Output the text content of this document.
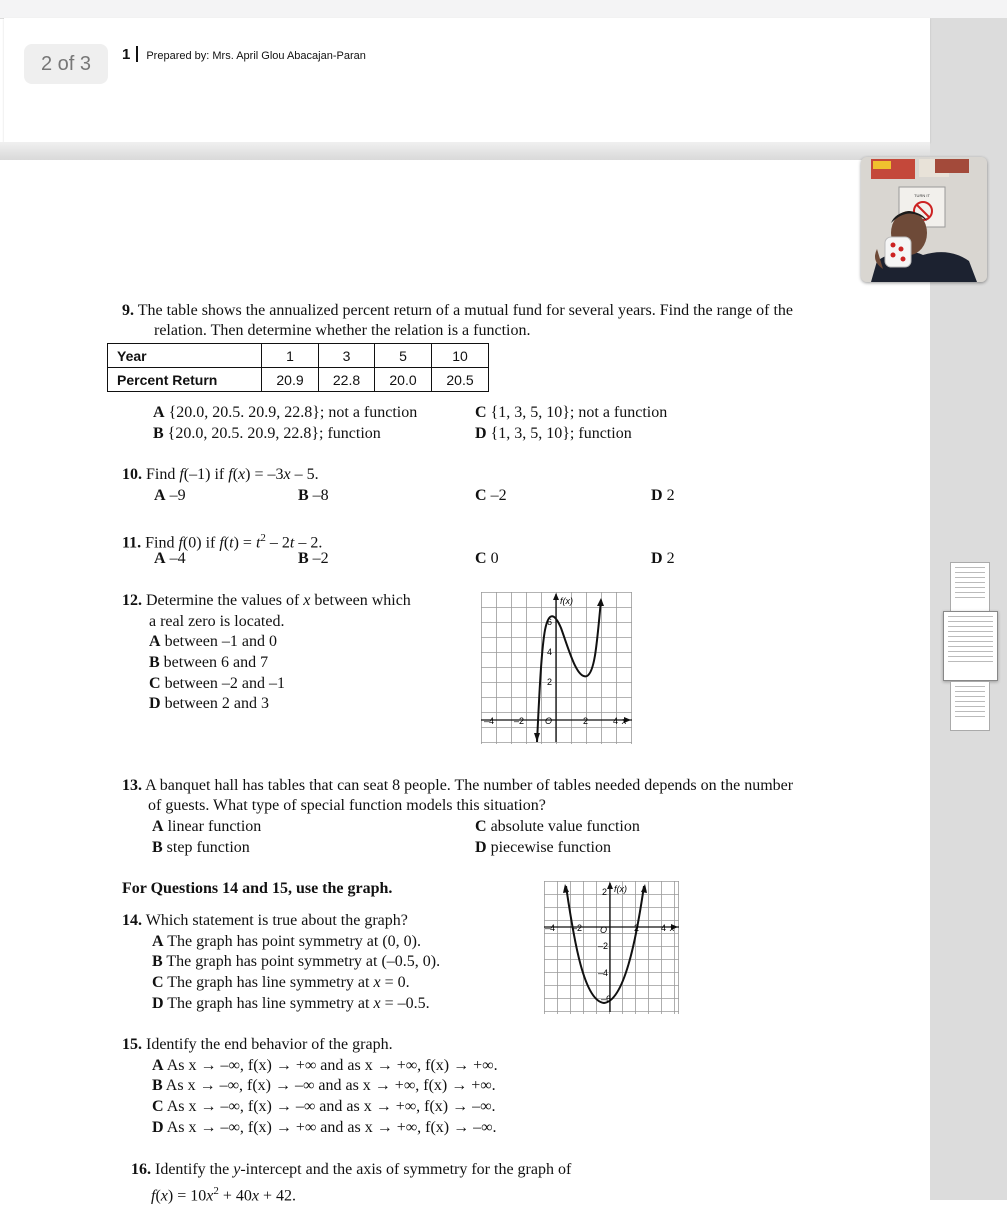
2 of 3	1 Prepared by: Mrs. April Glou Abacajan-Paran
TURN IT
9. The table shows the annualized percent return of a mutual fund for several years. Find the range of the
relation. Then determine whether the relation is a function.
Year	1	3	5	10
Percent Return	20.9	22.8	20.0	20.5
A {20.0, 20.5. 20.9, 22.8}; not a function
B {20.0, 20.5. 20.9, 22.8}; function
C {1, 3, 5, 10}; not a function
D {1, 3, 5, 10}; function
10. Find f(–1) if f(x) = –3x – 5.
A –9	B –8	C –2	D 2
11. Find f(0) if $f(t) = t^2 - 2t - 2$.
A –4	B –2	C 0	D 2
12. Determine the values of x between which
a real zero is located.
A between –1 and 0
B between 6 and 7
C between –2 and –1
D between 2 and 3
f(x)
6
4
2
–4 –2 O	2	4 x
13. A banquet hall has tables that can seat 8 people. The number of tables needed depends on the number
of guests. What type of special function models this situation?
A linear function
B step function
C absolute value function
D piecewise function
For Questions 14 and 15, use the graph.
14. Which statement is true about the graph?
A The graph has point symmetry at (0, 0).
B The graph has point symmetry at (–0.5, 0).
C The graph has line symmetry at x = 0.
D The graph has line symmetry at x = –0.5.
f(x)
2
–2
–4
–6
–4 –2 O	2 4 x
15. Identify the end behavior of the graph.
A As x → –∞, f(x) → +∞ and as x → +∞, f(x) → +∞.
B As x → –∞, f(x) → –∞ and as x → +∞, f(x) → +∞.
C As x → –∞, f(x) → –∞ and as x → +∞, f(x) → –∞.
D As x → –∞, f(x) → +∞ and as x → +∞, f(x) → –∞.
16. Identify the y-intercept and the axis of symmetry for the graph of
$f(x) = 10x^2 + 40x + 42$.
